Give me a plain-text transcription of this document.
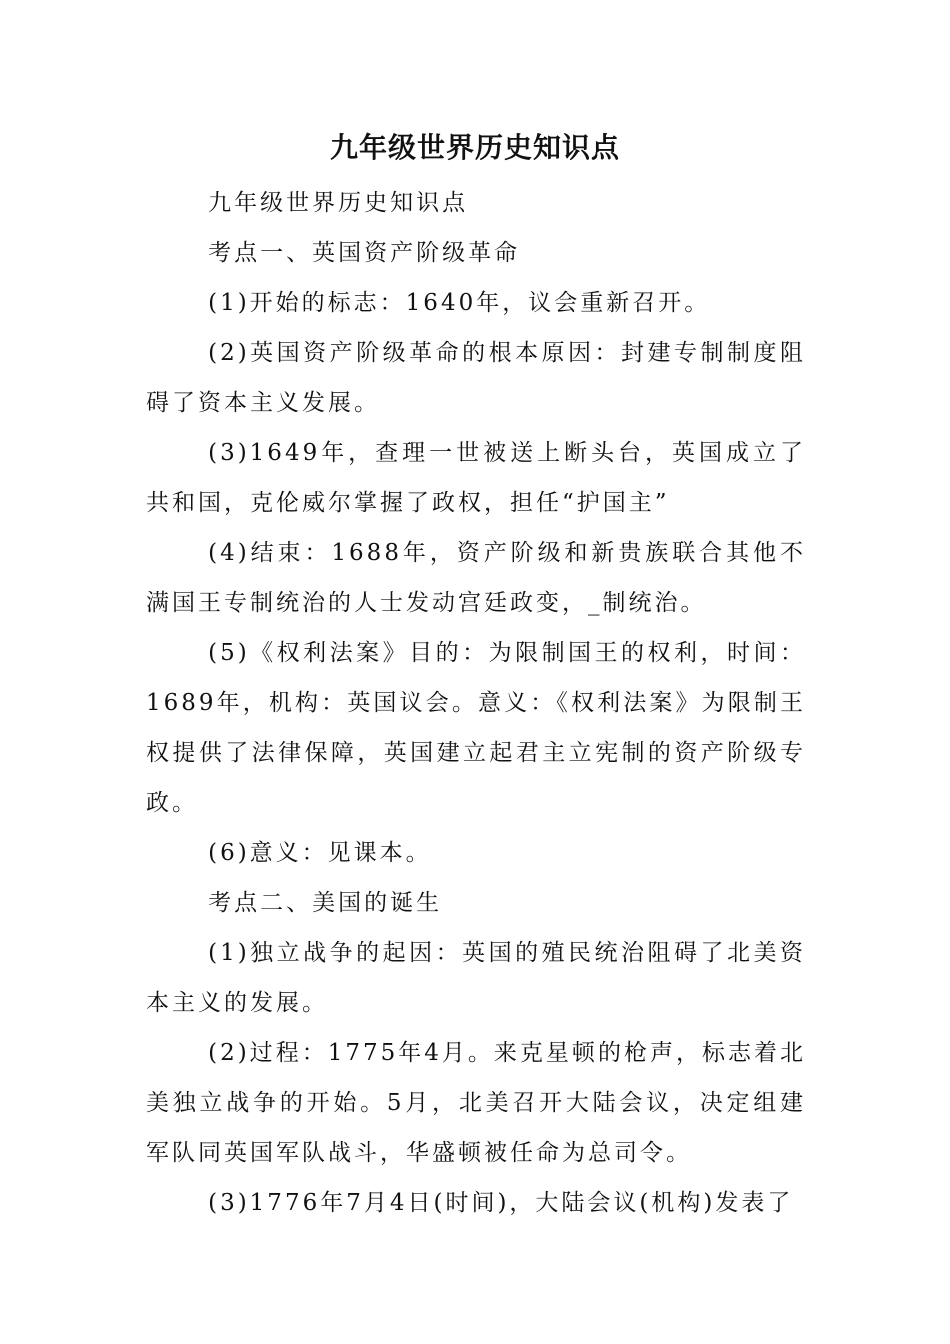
九年级世界历史知识点

九年级世界历史知识点

考点一、英国资产阶级革命

(1)开始的标志：1640年，议会重新召开。

(2)英国资产阶级革命的根本原因：封建专制制度阻碍了资本主义发展。

(3)1649年，查理一世被送上断头台，英国成立了共和国，克伦威尔掌握了政权，担任“护国主”

(4)结束：1688年，资产阶级和新贵族联合其他不满国王专制统治的人士发动宫廷政变，_制统治。

(5)《权利法案》目的：为限制国王的权利，时间：1689年，机构：英国议会。意义：《权利法案》为限制王权提供了法律保障，英国建立起君主立宪制的资产阶级专政。

(6)意义：见课本。

考点二、美国的诞生

(1)独立战争的起因：英国的殖民统治阻碍了北美资本主义的发展。

(2)过程：1775年4月。来克星顿的枪声，标志着北美独立战争的开始。5月，北美召开大陆会议，决定组建军队同英国军队战斗，华盛顿被任命为总司令。

(3)1776年7月4日(时间)，大陆会议(机构)发表了
